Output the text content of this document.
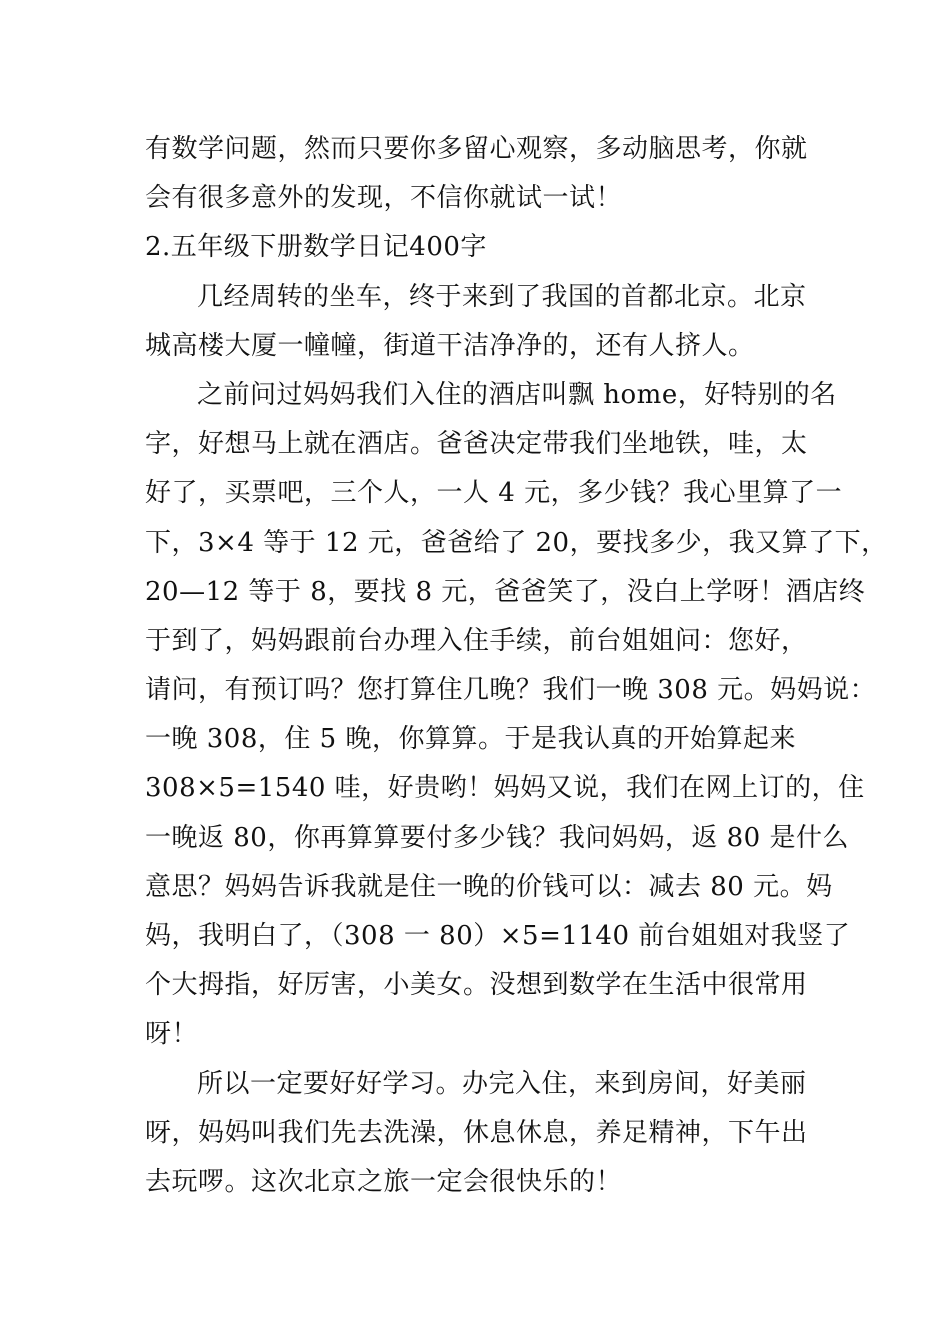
有数学问题，然而只要你多留心观察，多动脑思考，你就
会有很多意外的发现，不信你就试一试！
2.五年级下册数学日记400字
几经周转的坐车，终于来到了我国的首都北京。北京
城高楼大厦一幢幢，街道干洁净净的，还有人挤人。
之前问过妈妈我们入住的酒店叫飘 home，好特别的名
字，好想马上就在酒店。爸爸决定带我们坐地铁，哇，太
好了，买票吧，三个人，一人 4 元，多少钱？我心里算了一
下，3×4 等于 12 元，爸爸给了 20，要找多少，我又算了下，
20—12 等于 8，要找 8 元，爸爸笑了，没白上学呀！酒店终
于到了，妈妈跟前台办理入住手续，前台姐姐问：您好，
请问，有预订吗？您打算住几晚？我们一晚 308 元。妈妈说：
一晚 308，住 5 晚，你算算。于是我认真的开始算起来
308×5=1540 哇，好贵哟！妈妈又说，我们在网上订的，住
一晚返 80，你再算算要付多少钱？我问妈妈，返 80 是什么
意思？妈妈告诉我就是住一晚的价钱可以：减去 80 元。妈
妈，我明白了，（308 一 80）×5=1140 前台姐姐对我竖了
个大拇指，好厉害，小美女。没想到数学在生活中很常用
呀！
所以一定要好好学习。办完入住，来到房间，好美丽
呀，妈妈叫我们先去洗澡，休息休息，养足精神，下午出
去玩啰。这次北京之旅一定会很快乐的！
